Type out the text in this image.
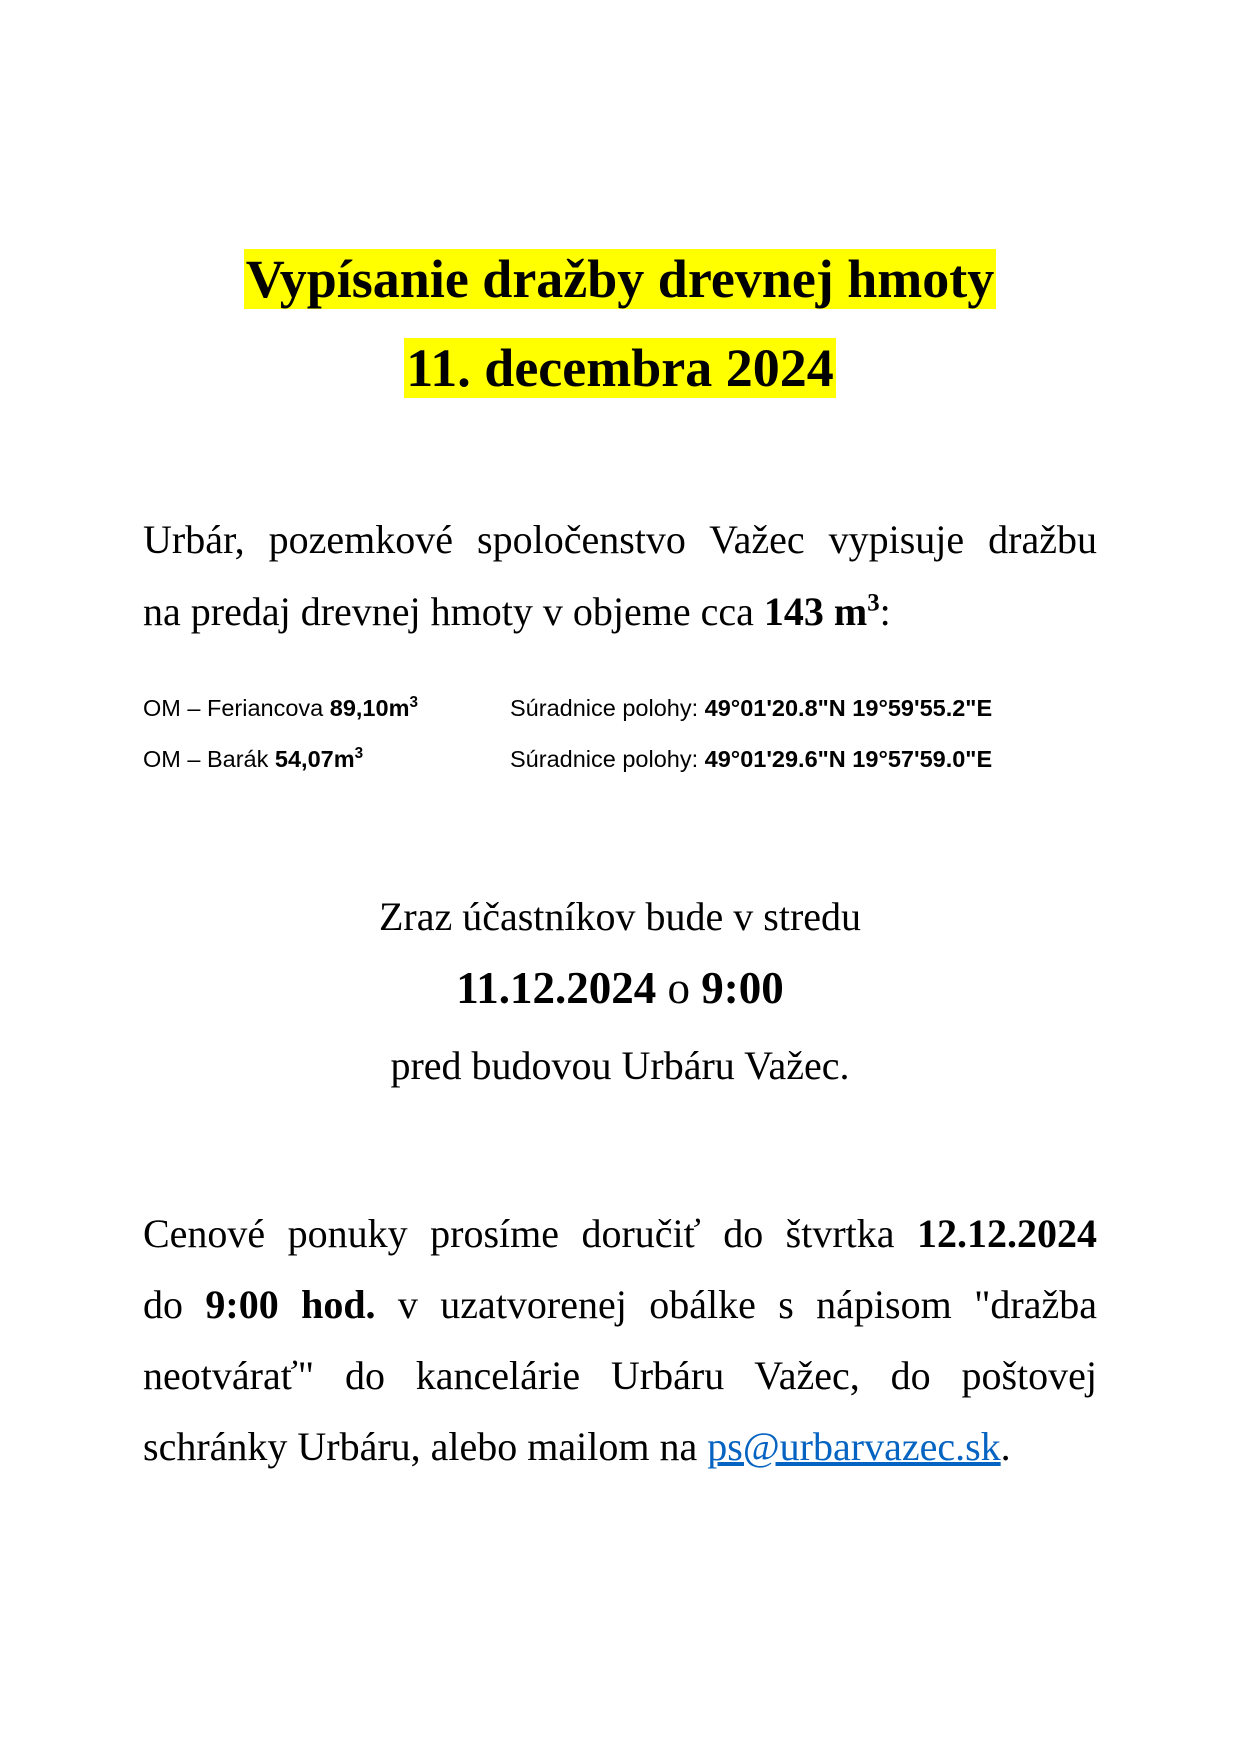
Vypísanie dražby drevnej hmoty
11. decembra 2024
Urbár, pozemkové spoločenstvo Važec vypisuje dražbu
na predaj drevnej hmoty v objeme cca 143 $m^3$:
OM – Feriancova $89,10m^3$	Súradnice polohy: 49°01'20.8"N 19°59'55.2"E
OM – Barák $54,07m^3$	Súradnice polohy: 49°01'29.6"N 19°57'59.0"E
Zraz účastníkov bude v stredu
11.12.2024 o 9:00
pred budovou Urbáru Važec.
Cenové ponuky prosíme doručiť do štvrtka 12.12.2024
do 9:00 hod. v uzatvorenej obálke s nápisom "dražba
neotvárať" do kancelárie Urbáru Važec, do poštovej
schránky Urbáru, alebo mailom na ps@urbarvazec.sk.
